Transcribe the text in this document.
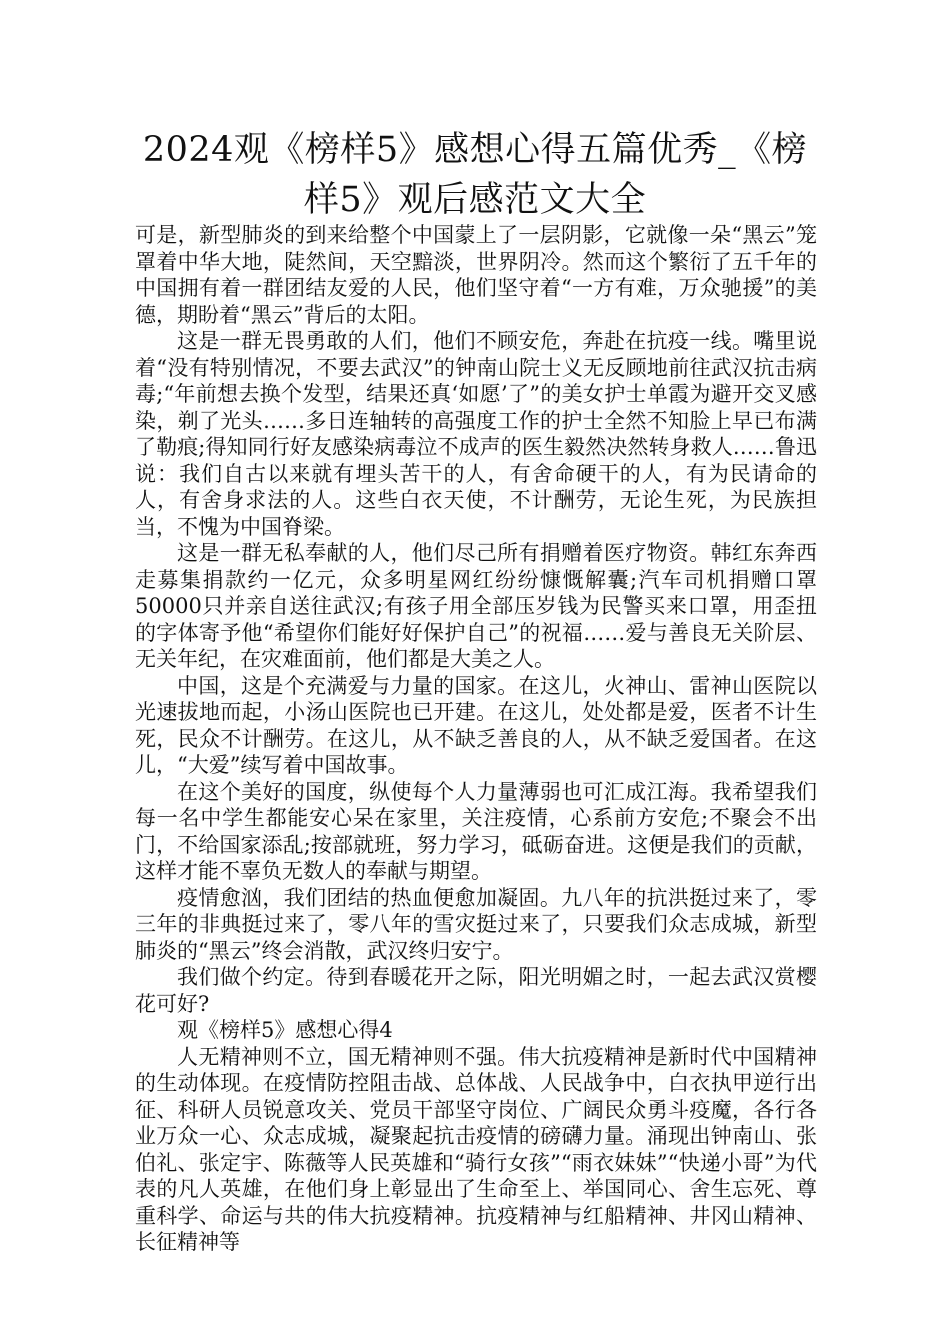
2024观《榜样5》感想心得五篇优秀_《榜样5》观后感范文大全

可是，新型肺炎的到来给整个中国蒙上了一层阴影，它就像一朵“黑云”笼罩着中华大地，陡然间，天空黯淡，世界阴冷。然而这个繁衍了五千年的中国拥有着一群团结友爱的人民，他们坚守着“一方有难，万众驰援”的美德，期盼着“黑云”背后的太阳。

这是一群无畏勇敢的人们，他们不顾安危，奔赴在抗疫一线。嘴里说着“没有特别情况，不要去武汉”的钟南山院士义无反顾地前往武汉抗击病毒;“年前想去换个发型，结果还真‘如愿’了”的美女护士单霞为避开交叉感染，剃了光头……多日连轴转的高强度工作的护士全然不知脸上早已布满了勒痕;得知同行好友感染病毒泣不成声的医生毅然决然转身救人……鲁迅说：我们自古以来就有埋头苦干的人，有舍命硬干的人，有为民请命的人，有舍身求法的人。这些白衣天使，不计酬劳，无论生死，为民族担当，不愧为中国脊梁。

这是一群无私奉献的人，他们尽己所有捐赠着医疗物资。韩红东奔西走募集捐款约一亿元，众多明星网红纷纷慷慨解囊;汽车司机捐赠口罩50000只并亲自送往武汉;有孩子用全部压岁钱为民警买来口罩，用歪扭的字体寄予他“希望你们能好好保护自己”的祝福……爱与善良无关阶层、无关年纪，在灾难面前，他们都是大美之人。

中国，这是个充满爱与力量的国家。在这儿，火神山、雷神山医院以光速拔地而起，小汤山医院也已开建。在这儿，处处都是爱，医者不计生死，民众不计酬劳。在这儿，从不缺乏善良的人，从不缺乏爱国者。在这儿，“大爱”续写着中国故事。

在这个美好的国度，纵使每个人力量薄弱也可汇成江海。我希望我们每一名中学生都能安心呆在家里，关注疫情，心系前方安危;不聚会不出门，不给国家添乱;按部就班，努力学习，砥砺奋进。这便是我们的贡献，这样才能不辜负无数人的奉献与期望。

疫情愈汹，我们团结的热血便愈加凝固。九八年的抗洪挺过来了，零三年的非典挺过来了，零八年的雪灾挺过来了，只要我们众志成城，新型肺炎的“黑云”终会消散，武汉终归安宁。

我们做个约定。待到春暖花开之际，阳光明媚之时，一起去武汉赏樱花可好?

观《榜样5》感想心得4

人无精神则不立，国无精神则不强。伟大抗疫精神是新时代中国精神的生动体现。在疫情防控阻击战、总体战、人民战争中，白衣执甲逆行出征、科研人员锐意攻关、党员干部坚守岗位、广阔民众勇斗疫魔，各行各业万众一心、众志成城，凝聚起抗击疫情的磅礴力量。涌现出钟南山、张伯礼、张定宇、陈薇等人民英雄和“骑行女孩”“雨衣妹妹”“快递小哥”为代表的凡人英雄，在他们身上彰显出了生命至上、举国同心、舍生忘死、尊重科学、命运与共的伟大抗疫精神。抗疫精神与红船精神、井冈山精神、长征精神等
